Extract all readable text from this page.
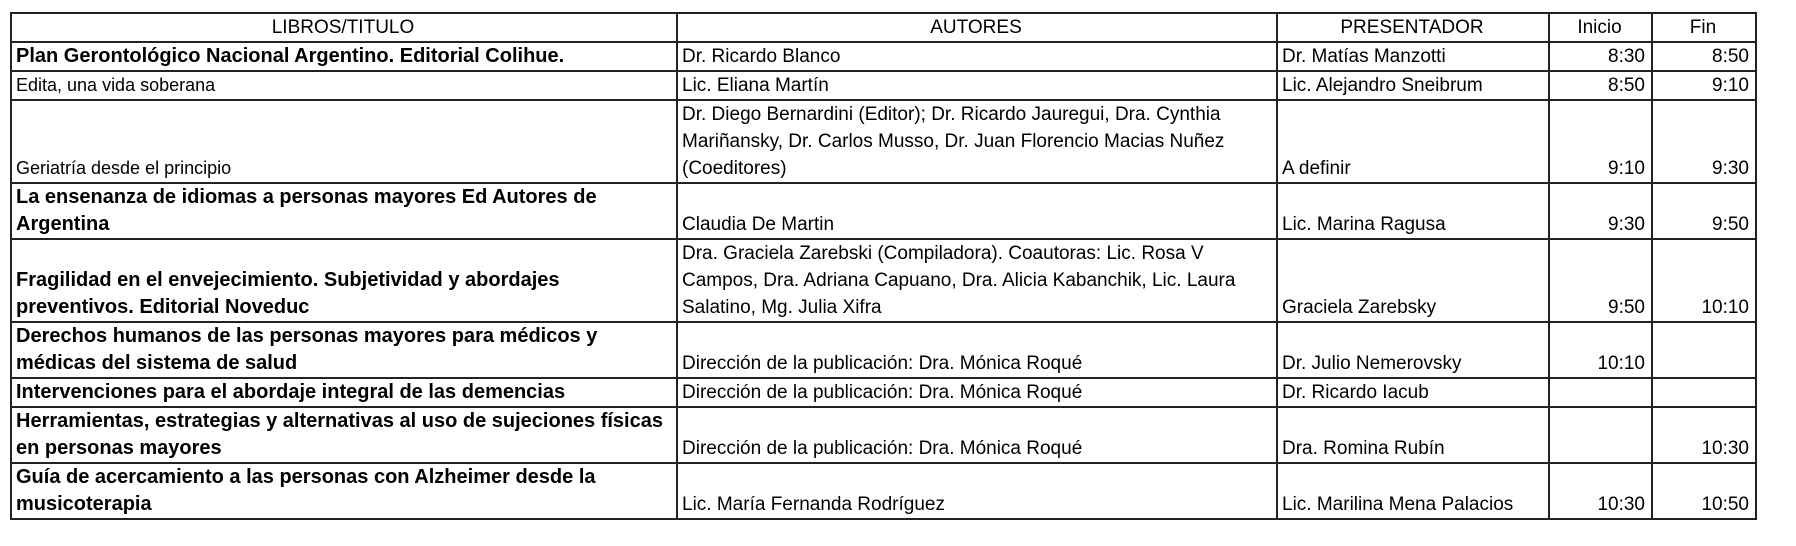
LIBROS/TITULO	AUTORES	PRESENTADOR	Inicio	Fin
Plan Gerontológico Nacional Argentino. Editorial Colihue.	Dr. Ricardo Blanco	Dr. Matías Manzotti	8:30	8:50
Edita, una vida soberana	Lic. Eliana Martín	Lic. Alejandro Sneibrum	8:50	9:10
Geriatría desde el principio	Dr. Diego Bernardini (Editor); Dr. Ricardo Jauregui, Dra. Cynthia Mariñansky, Dr. Carlos Musso, Dr. Juan Florencio Macias Nuñez (Coeditores)	A definir	9:10	9:30
La ensenanza de idiomas a personas mayores Ed Autores de Argentina	Claudia De Martin	Lic. Marina Ragusa	9:30	9:50
Fragilidad en el envejecimiento. Subjetividad y abordajes preventivos. Editorial Noveduc	Dra. Graciela Zarebski (Compiladora). Coautoras: Lic. Rosa V Campos, Dra. Adriana Capuano, Dra. Alicia Kabanchik, Lic. Laura Salatino, Mg. Julia Xifra	Graciela Zarebsky	9:50	10:10
Derechos humanos de las personas mayores para médicos y médicas del sistema de salud	Dirección de la publicación: Dra. Mónica Roqué	Dr. Julio Nemerovsky	10:10	
Intervenciones para el abordaje integral de las demencias	Dirección de la publicación: Dra. Mónica Roqué	Dr. Ricardo Iacub		
Herramientas, estrategias y alternativas al uso de sujeciones físicas en personas mayores	Dirección de la publicación: Dra. Mónica Roqué	Dra. Romina Rubín		10:30
Guía de acercamiento a las personas con Alzheimer desde la musicoterapia	Lic. María Fernanda Rodríguez	Lic. Marilina Mena Palacios	10:30	10:50
